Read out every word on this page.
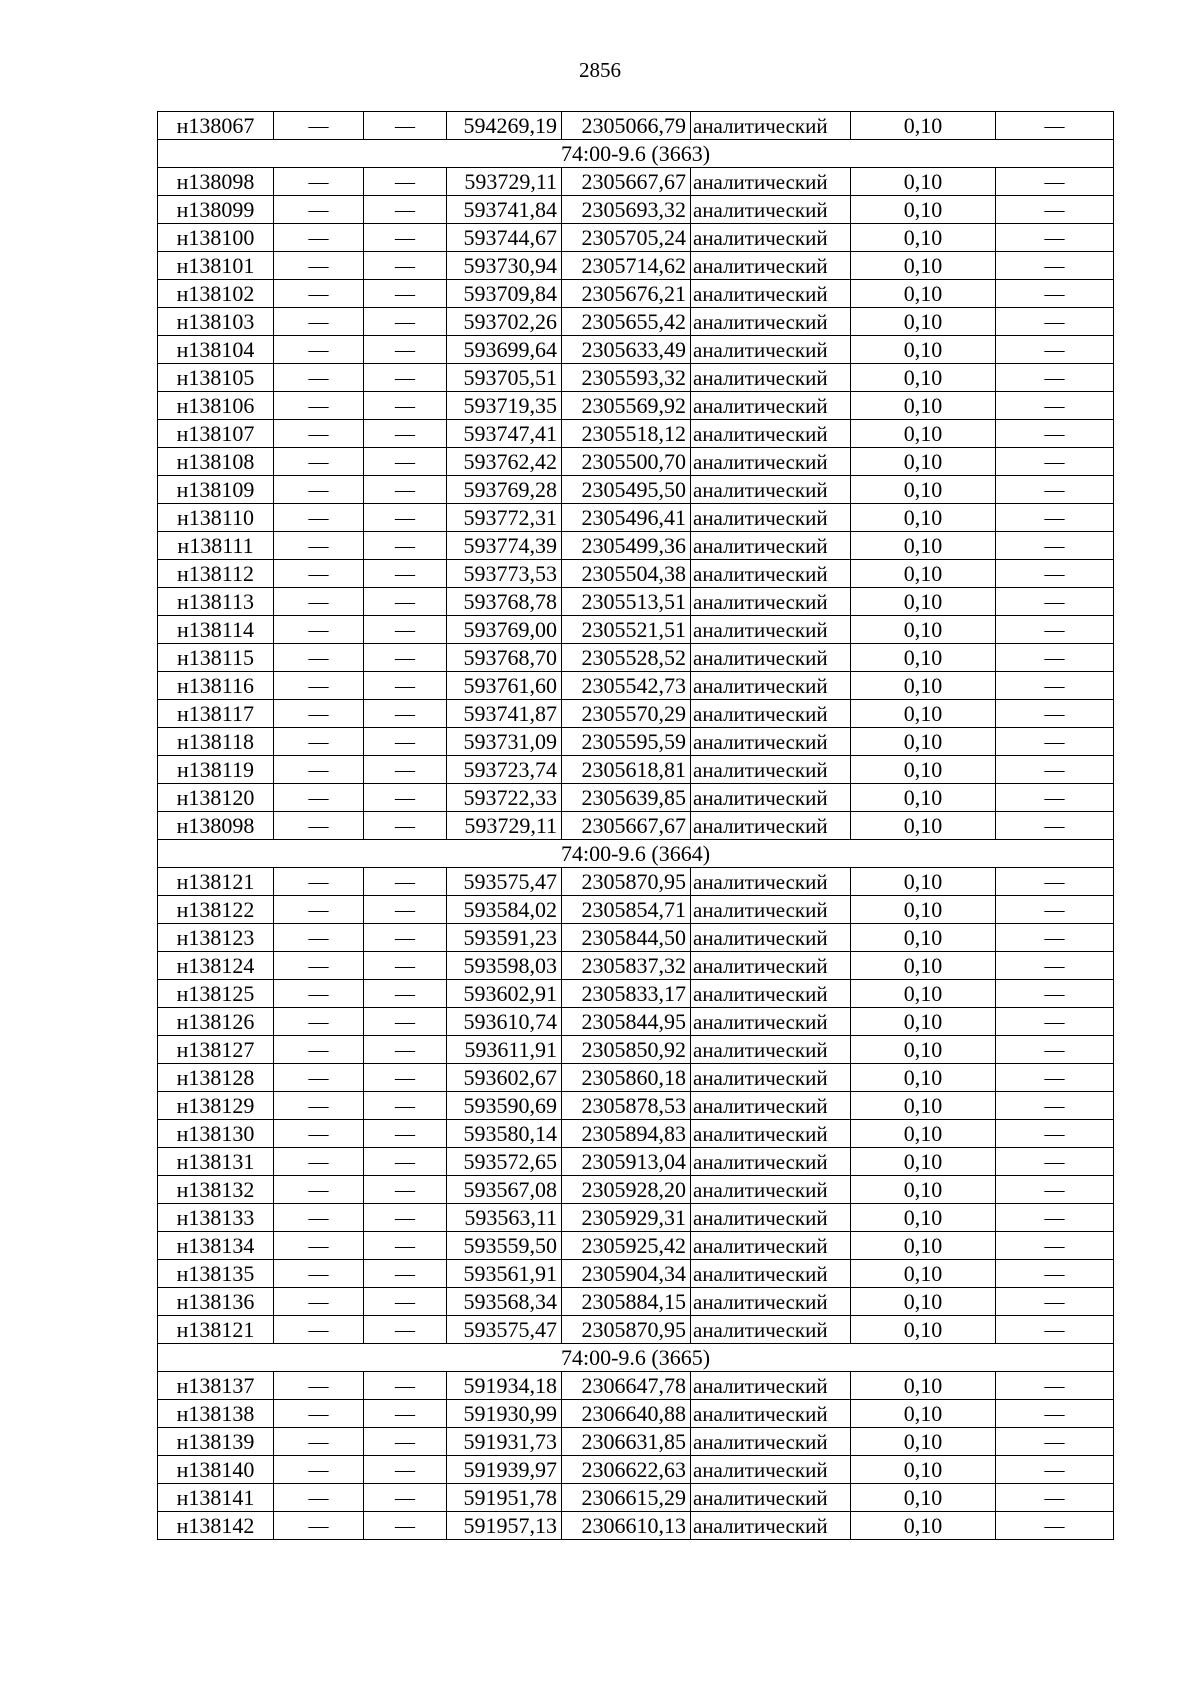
2856
н138067	—	—	594269,19	2305066,79	аналитический	0,10	—
74:00-9.6 (3663)							
н138098	—	—	593729,11	2305667,67	аналитический	0,10	—
н138099	—	—	593741,84	2305693,32	аналитический	0,10	—
н138100	—	—	593744,67	2305705,24	аналитический	0,10	—
н138101	—	—	593730,94	2305714,62	аналитический	0,10	—
н138102	—	—	593709,84	2305676,21	аналитический	0,10	—
н138103	—	—	593702,26	2305655,42	аналитический	0,10	—
н138104	—	—	593699,64	2305633,49	аналитический	0,10	—
н138105	—	—	593705,51	2305593,32	аналитический	0,10	—
н138106	—	—	593719,35	2305569,92	аналитический	0,10	—
н138107	—	—	593747,41	2305518,12	аналитический	0,10	—
н138108	—	—	593762,42	2305500,70	аналитический	0,10	—
н138109	—	—	593769,28	2305495,50	аналитический	0,10	—
н138110	—	—	593772,31	2305496,41	аналитический	0,10	—
н138111	—	—	593774,39	2305499,36	аналитический	0,10	—
н138112	—	—	593773,53	2305504,38	аналитический	0,10	—
н138113	—	—	593768,78	2305513,51	аналитический	0,10	—
н138114	—	—	593769,00	2305521,51	аналитический	0,10	—
н138115	—	—	593768,70	2305528,52	аналитический	0,10	—
н138116	—	—	593761,60	2305542,73	аналитический	0,10	—
н138117	—	—	593741,87	2305570,29	аналитический	0,10	—
н138118	—	—	593731,09	2305595,59	аналитический	0,10	—
н138119	—	—	593723,74	2305618,81	аналитический	0,10	—
н138120	—	—	593722,33	2305639,85	аналитический	0,10	—
н138098	—	—	593729,11	2305667,67	аналитический	0,10	—
74:00-9.6 (3664)							
н138121	—	—	593575,47	2305870,95	аналитический	0,10	—
н138122	—	—	593584,02	2305854,71	аналитический	0,10	—
н138123	—	—	593591,23	2305844,50	аналитический	0,10	—
н138124	—	—	593598,03	2305837,32	аналитический	0,10	—
н138125	—	—	593602,91	2305833,17	аналитический	0,10	—
н138126	—	—	593610,74	2305844,95	аналитический	0,10	—
н138127	—	—	593611,91	2305850,92	аналитический	0,10	—
н138128	—	—	593602,67	2305860,18	аналитический	0,10	—
н138129	—	—	593590,69	2305878,53	аналитический	0,10	—
н138130	—	—	593580,14	2305894,83	аналитический	0,10	—
н138131	—	—	593572,65	2305913,04	аналитический	0,10	—
н138132	—	—	593567,08	2305928,20	аналитический	0,10	—
н138133	—	—	593563,11	2305929,31	аналитический	0,10	—
н138134	—	—	593559,50	2305925,42	аналитический	0,10	—
н138135	—	—	593561,91	2305904,34	аналитический	0,10	—
н138136	—	—	593568,34	2305884,15	аналитический	0,10	—
н138121	—	—	593575,47	2305870,95	аналитический	0,10	—
74:00-9.6 (3665)							
н138137	—	—	591934,18	2306647,78	аналитический	0,10	—
н138138	—	—	591930,99	2306640,88	аналитический	0,10	—
н138139	—	—	591931,73	2306631,85	аналитический	0,10	—
н138140	—	—	591939,97	2306622,63	аналитический	0,10	—
н138141	—	—	591951,78	2306615,29	аналитический	0,10	—
н138142	—	—	591957,13	2306610,13	аналитический	0,10	—
